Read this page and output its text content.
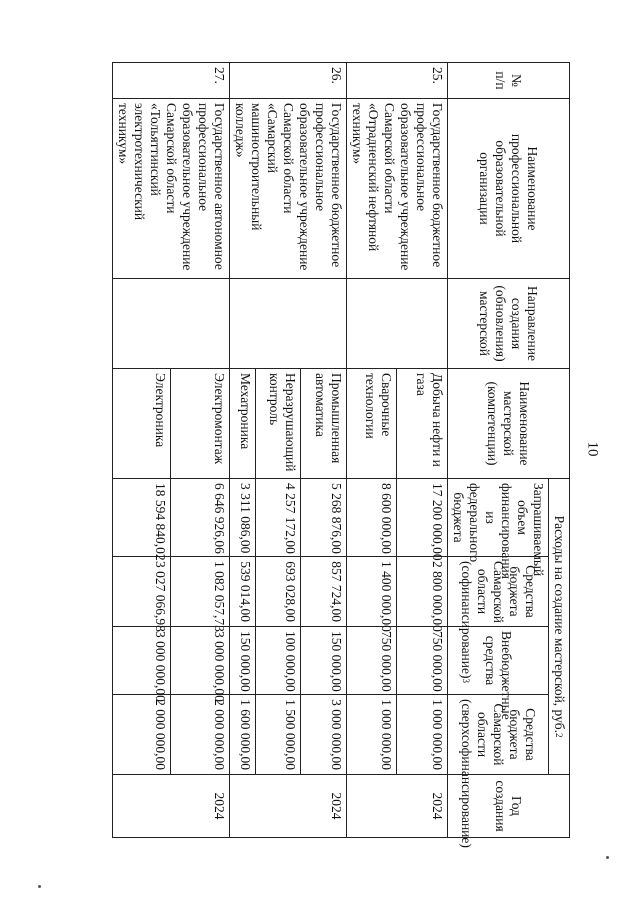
10
№ п/п	Наименование профессиональной образовательной организации	Направление создания (обновления) мастерской	Наименование мастерской (компетенции)	Расходы на создание мастерской, руб.$^2$				Год создания
				Запрашиваемый объем финансирования из федерального бюджета	Средства бюджета Самарской области (софинансирование)$^3$	Внебюджетные средства	Средства бюджета Самарской области (сверхсофинансирование)	
25.	Государственное бюджетное профессиональное образовательное учреждение Самарской области «Отрадненский нефтяной техникум»		Добыча нефти и газа	17 200 000,00	2 800 000,00	750 000,00	1 000 000,00	2024
			Сварочные технологии	8 600 000,00	1 400 000,00	750 000,00	1 000 000,00	
26.	Государственное бюджетное профессиональное образовательное учреждение Самарской области «Самарский машиностроительный колледж»		Промышленная автоматика	5 268 876,00	857 724,00	150 000,00	3 000 000,00	2024
			Неразрушающий контроль	4 257 172,00	693 028,00	100 000,00	1 500 000,00	
			Мехатроника	3 311 086,00	539 014,00	150 000,00	1 600 000,00	
27.	Государственное автономное профессиональное образовательное учреждение Самарской области «Тольяттинский электротехнический техникум»		Электромонтаж	6 646 926,06	1 082 057,73	3 000 000,00	2 000 000,00	2024
			Электроника	18 594 840,02	3 027 066,98	3 000 000,00	2 000 000,00	
